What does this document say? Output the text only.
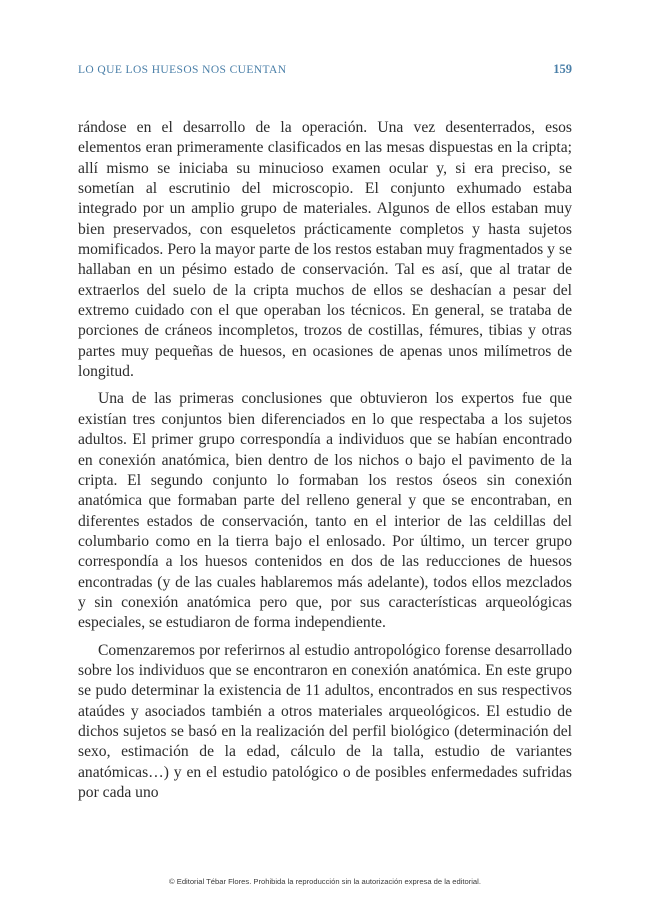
LO QUE LOS HUESOS NOS CUENTAN	159

rándose en el desarrollo de la operación. Una vez desenterrados, esos elementos eran primeramente clasificados en las mesas dispuestas en la cripta; allí mismo se iniciaba su minucioso examen ocular y, si era preciso, se sometían al escrutinio del microscopio. El conjunto exhumado estaba integrado por un amplio grupo de materiales. Algunos de ellos estaban muy bien preservados, con esqueletos prácticamente completos y hasta sujetos momificados. Pero la mayor parte de los restos estaban muy fragmentados y se hallaban en un pésimo estado de conservación. Tal es así, que al tratar de extraerlos del suelo de la cripta muchos de ellos se deshacían a pesar del extremo cuidado con el que operaban los técnicos. En general, se trataba de porciones de cráneos incompletos, trozos de costillas, fémures, tibias y otras partes muy pequeñas de huesos, en ocasiones de apenas unos milímetros de longitud.

Una de las primeras conclusiones que obtuvieron los expertos fue que existían tres conjuntos bien diferenciados en lo que respectaba a los sujetos adultos. El primer grupo correspondía a individuos que se habían encontrado en conexión anatómica, bien dentro de los nichos o bajo el pavimento de la cripta. El segundo conjunto lo formaban los restos óseos sin conexión anatómica que formaban parte del relleno general y que se encontraban, en diferentes estados de conservación, tanto en el interior de las celdillas del columbario como en la tierra bajo el enlosado. Por último, un tercer grupo correspondía a los huesos contenidos en dos de las reducciones de huesos encontradas (y de las cuales hablaremos más adelante), todos ellos mezclados y sin conexión anatómica pero que, por sus características arqueológicas especiales, se estudiaron de forma independiente.

Comenzaremos por referirnos al estudio antropológico forense desarrollado sobre los individuos que se encontraron en conexión anatómica. En este grupo se pudo determinar la existencia de 11 adultos, encontrados en sus respectivos ataúdes y asociados también a otros materiales arqueológicos. El estudio de dichos sujetos se basó en la realización del perfil biológico (determinación del sexo, estimación de la edad, cálculo de la talla, estudio de variantes anatómicas…) y en el estudio patológico o de posibles enfermedades sufridas por cada uno

© Editorial Tébar Flores. Prohibida la reproducción sin la autorización expresa de la editorial.
